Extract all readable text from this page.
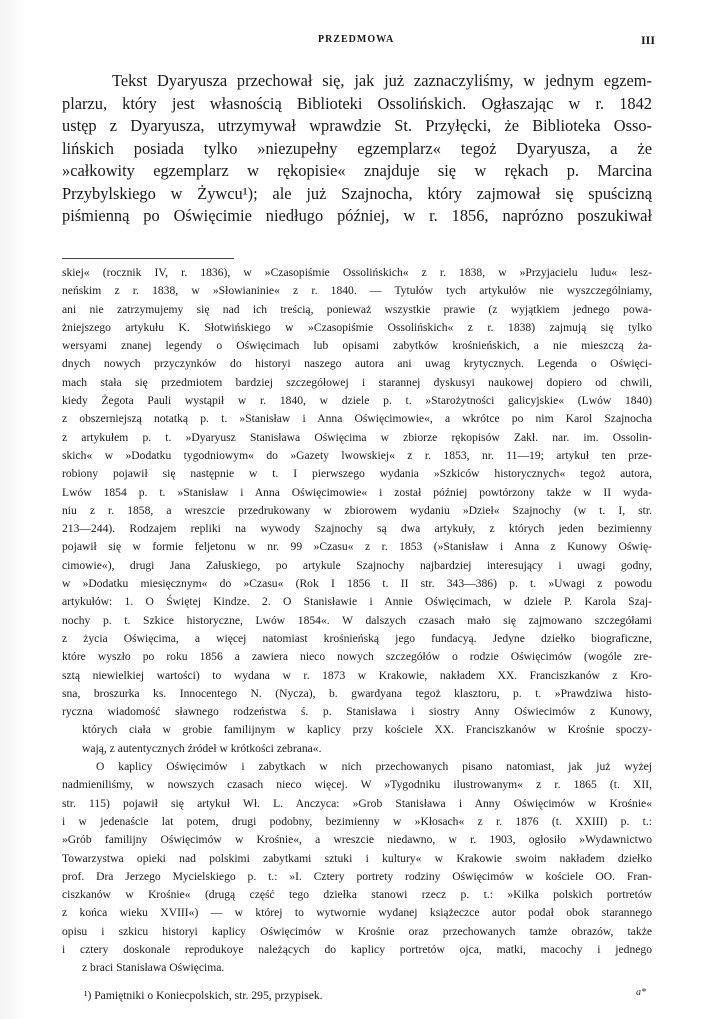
PRZEDMOWA	III
Tekst Dyaryusza przechował się, jak już zaznaczyliśmy, w jednym egzem-
plarzu, który jest własnością Biblioteki Ossolińskich. Ogłaszając w r. 1842
ustęp z Dyaryusza, utrzymywał wprawdzie St. Przyłęcki, że Biblioteka Osso-
lińskich posiada tylko »niezupełny egzemplarz« tegoż Dyaryusza, a że
»całkowity egzemplarz w rękopisie« znajduje się w rękach p. Marcina
Przybylskiego w Żywcu¹); ale już Szajnocha, który zajmował się spuścizną
piśmienną po Oświęcimie niedługo później, w r. 1856, naprózno poszukiwał
skiej« (rocznik IV, r. 1836), w »Czasopiśmie Ossolińskich« z r. 1838, w »Przyjacielu ludu« lesz-
neńskim z r. 1838, w »Słowianinie« z r. 1840. — Tytułów tych artykułów nie wyszczególniamy,
ani nie zatrzymujemy się nad ich treścią, ponieważ wszystkie prawie (z wyjątkiem jednego powa-
żniejszego artykułu K. Słotwińskiego w »Czasopiśmie Ossolińskich« z r. 1838) zajmują się tylko
wersyami znanej legendy o Oświęcimach lub opisami zabytków krośnieńskich, a nie mieszczą ża-
dnych nowych przyczynków do historyi naszego autora ani uwag krytycznych. Legenda o Oświęci-
mach stała się przedmiotem bardziej szczegółowej i starannej dyskusyi naukowej dopiero od chwili,
kiedy Żegota Pauli wystąpił w r. 1840, w dziele p. t. »Starożytności galicyjskie« (Lwów 1840)
z obszerniejszą notatką p. t. »Stanisław i Anna Oświęcimowie«, a wkrótce po nim Karol Szajnocha
z artykułem p. t. »Dyaryusz Stanisława Oświęcima w zbiorze rękopisów Zakł. nar. im. Ossolin-
skich« w »Dodatku tygodniowym« do »Gazety lwowskiej« z r. 1853, nr. 11—19; artykuł ten prze-
robiony pojawił się następnie w t. I pierwszego wydania »Szkiców historycznych« tegoż autora,
Lwów 1854 p. t. »Stanisław i Anna Oświęcimowie« i został później powtórzony także w II wyda-
niu z r. 1858, a wreszcie przedrukowany w zbiorowem wydaniu »Dzieł« Szajnochy (w t. I, str.
213—244). Rodzajem repliki na wywody Szajnochy są dwa artykuły, z których jeden bezimienny
pojawił się w formie feljetonu w nr. 99 »Czasu« z r. 1853 (»Stanisław i Anna z Kunowy Oświę-
cimowie«), drugi Jana Załuskiego, po artykule Szajnochy najbardziej interesujący i uwagi godny,
w »Dodatku miesięcznym« do »Czasu« (Rok I 1856 t. II str. 343—386) p. t. »Uwagi z powodu
artykułów: 1. O Świętej Kindze. 2. O Stanisławie i Annie Oświęcimach, w dziele P. Karola Szaj-
nochy p. t. Szkice historyczne, Lwów 1854«. W dalszych czasach mało się zajmowano szczegółami
z życia Oświęcima, a więcej natomiast krośnieńską jego fundacyą. Jedyne dziełko biograficzne,
które wyszło po roku 1856 a zawiera nieco nowych szczegółów o rodzie Oświęcimów (wogóle zre-
sztą niewielkiej wartości) to wydana w r. 1873 w Krakowie, nakładem XX. Franciszkanów z Kro-
sna, broszurka ks. Innocentego N. (Nycza), b. gwardyana tegoż klasztoru, p. t. »Prawdziwa histo-
ryczna wiadomość sławnego rodzeństwa ś. p. Stanisława i siostry Anny Oświecimów z Kunowy,
których ciała w grobie familijnym w kaplicy przy kościele XX. Franciszkanów w Krośnie spoczy-
wają, z autentycznych źródeł w krótkości zebrana«.
O kaplicy Oświęcimów i zabytkach w nich przechowanych pisano natomiast, jak już wyżej
nadmieniliśmy, w nowszych czasach nieco więcej. W »Tygodniku ilustrowanym« z r. 1865 (t. XII,
str. 115) pojawił się artykuł Wł. L. Anczyca: »Grob Stanisława i Anny Oświęcimów w Krośnie«
i w jedenaście lat potem, drugi podobny, bezimienny w »Kłosach« z r. 1876 (t. XXIII) p. t.:
»Grób familijny Oświęcimów w Krośnie«, a wreszcie niedawno, w r. 1903, ogłosiło »Wydawnictwo
Towarzystwa opieki nad polskimi zabytkami sztuki i kultury« w Krakowie swoim nakładem dziełko
prof. Dra Jerzego Mycielskiego p. t.: »I. Cztery portrety rodziny Oświęcimów w kościele OO. Fran-
ciszkanów w Krośnie« (drugą część tego dziełka stanowi rzecz p. t.: »Kilka polskich portretów
z końca wieku XVIII«) — w której to wytwornie wydanej książeczce autor podał obok starannego
opisu i szkicu historyi kaplicy Oświęcimów w Krośnie oraz przechowanych tamże obrazów, także
i cztery doskonale reprodukoye należących do kaplicy portretów ojca, matki, macochy i jednego
z braci Stanisława Oświęcima.
¹) Pamiętniki o Koniecpolskich, str. 295, przypisek.	a*
